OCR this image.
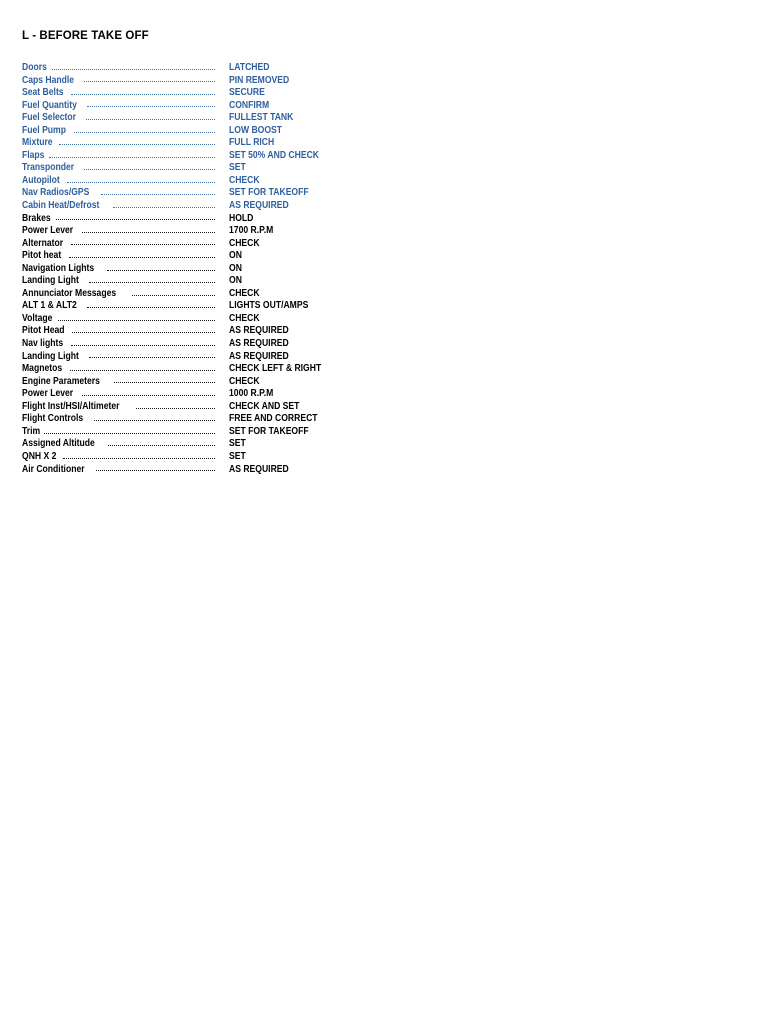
L - BEFORE TAKE OFF
Doors	LATCHED
Caps Handle	PIN REMOVED
Seat Belts	SECURE
Fuel Quantity	CONFIRM
Fuel Selector	FULLEST TANK
Fuel Pump	LOW BOOST
Mixture	FULL RICH
Flaps	SET 50% AND CHECK
Transponder	SET
Autopilot	CHECK
Nav Radios/GPS	SET FOR TAKEOFF
Cabin Heat/Defrost	AS REQUIRED
Brakes	HOLD
Power Lever	1700 R.P.M
Alternator	CHECK
Pitot heat	ON
Navigation Lights	ON
Landing Light	ON
Annunciator Messages	CHECK
ALT 1 & ALT2	LIGHTS OUT/AMPS
Voltage	CHECK
Pitot Head	AS REQUIRED
Nav lights	AS REQUIRED
Landing Light	AS REQUIRED
Magnetos	CHECK LEFT & RIGHT
Engine Parameters	CHECK
Power Lever	1000 R.P.M
Flight Inst/HSI/Altimeter	CHECK AND SET
Flight Controls	FREE AND CORRECT
Trim	SET FOR TAKEOFF
Assigned Altitude	SET
QNH X 2	SET
Air Conditioner	AS REQUIRED
